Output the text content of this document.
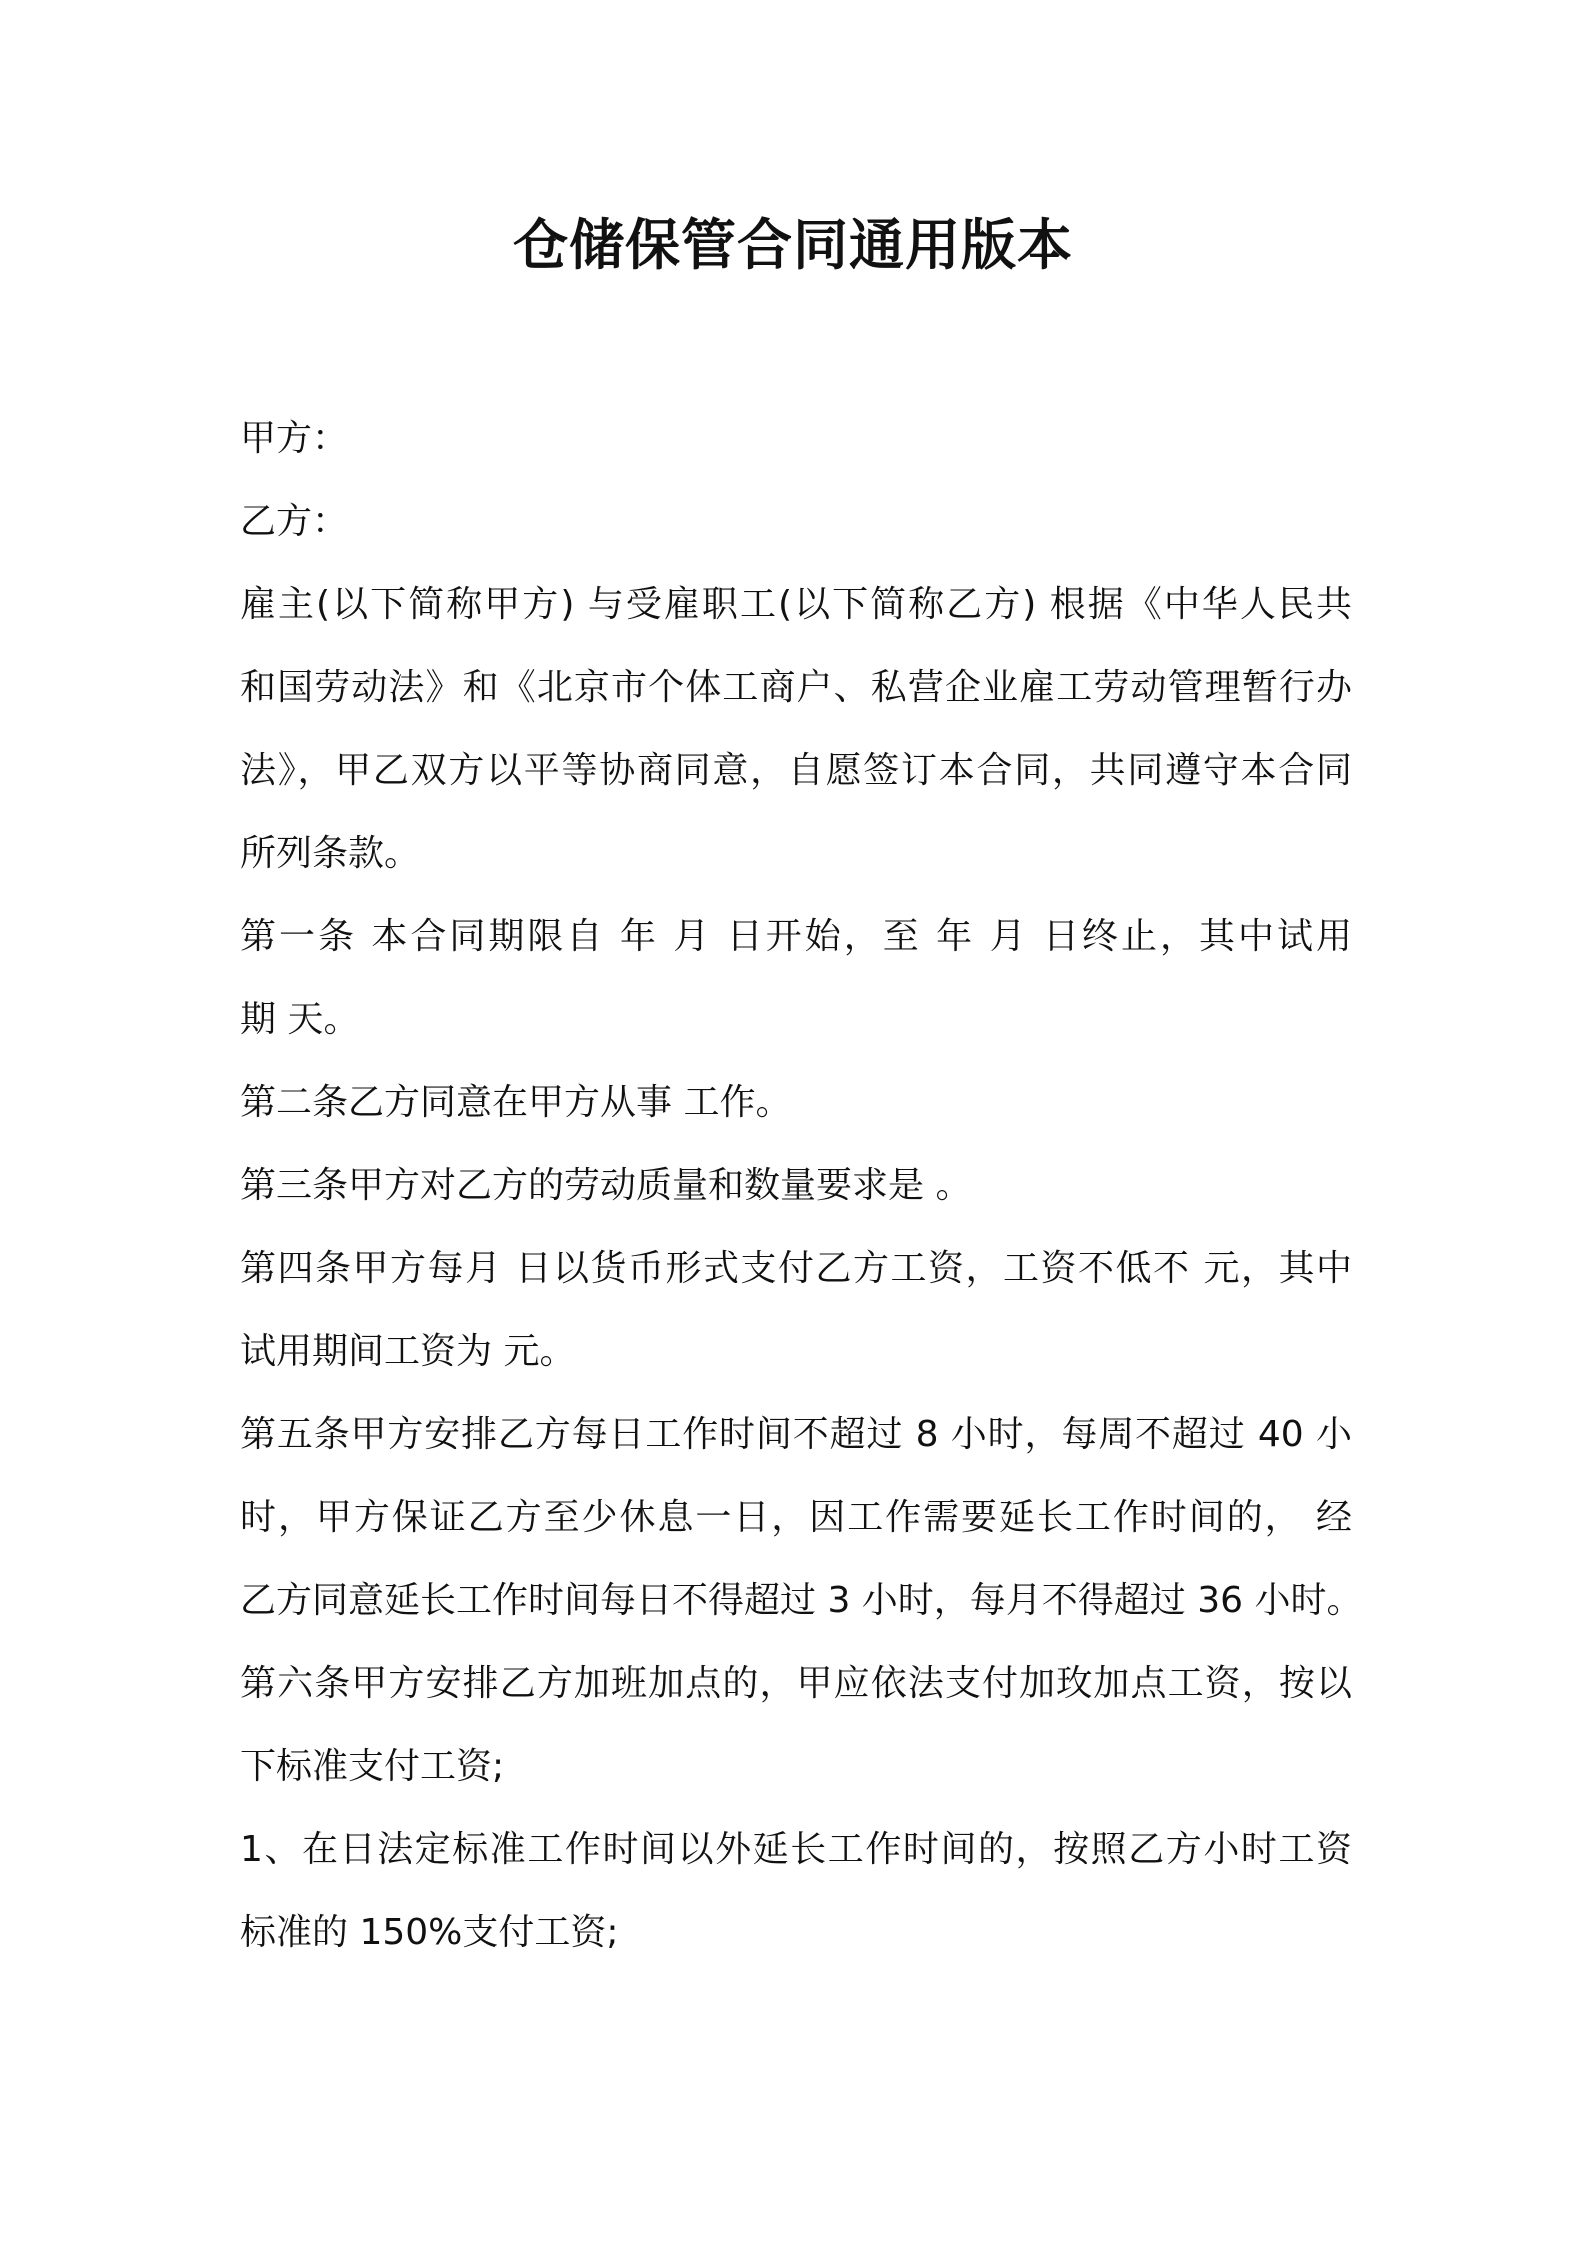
仓储保管合同通用版本

甲方：

乙方：

雇主(以下简称甲方) 与受雇职工(以下简称乙方) 根据《中华人民共

和国劳动法》和《北京市个体工商户、私营企业雇工劳动管理暂行办

法》，甲乙双方以平等协商同意，自愿签订本合同，共同遵守本合同

所列条款。

第一条 本合同期限自 年 月 日开始，至 年 月 日终止，其中试用

期 天。

第二条乙方同意在甲方从事 工作。

第三条甲方对乙方的劳动质量和数量要求是 。

第四条甲方每月 日以货币形式支付乙方工资，工资不低不 元，其中

试用期间工资为 元。

第五条甲方安排乙方每日工作时间不超过 8 小时，每周不超过 40 小

时，甲方保证乙方至少休息一日，因工作需要延长工作时间的， 经

乙方同意延长工作时间每日不得超过 3 小时，每月不得超过 36 小时。

第六条甲方安排乙方加班加点的，甲应依法支付加玫加点工资，按以

下标准支付工资;

1、在日法定标准工作时间以外延长工作时间的，按照乙方小时工资

标准的 150%支付工资;
